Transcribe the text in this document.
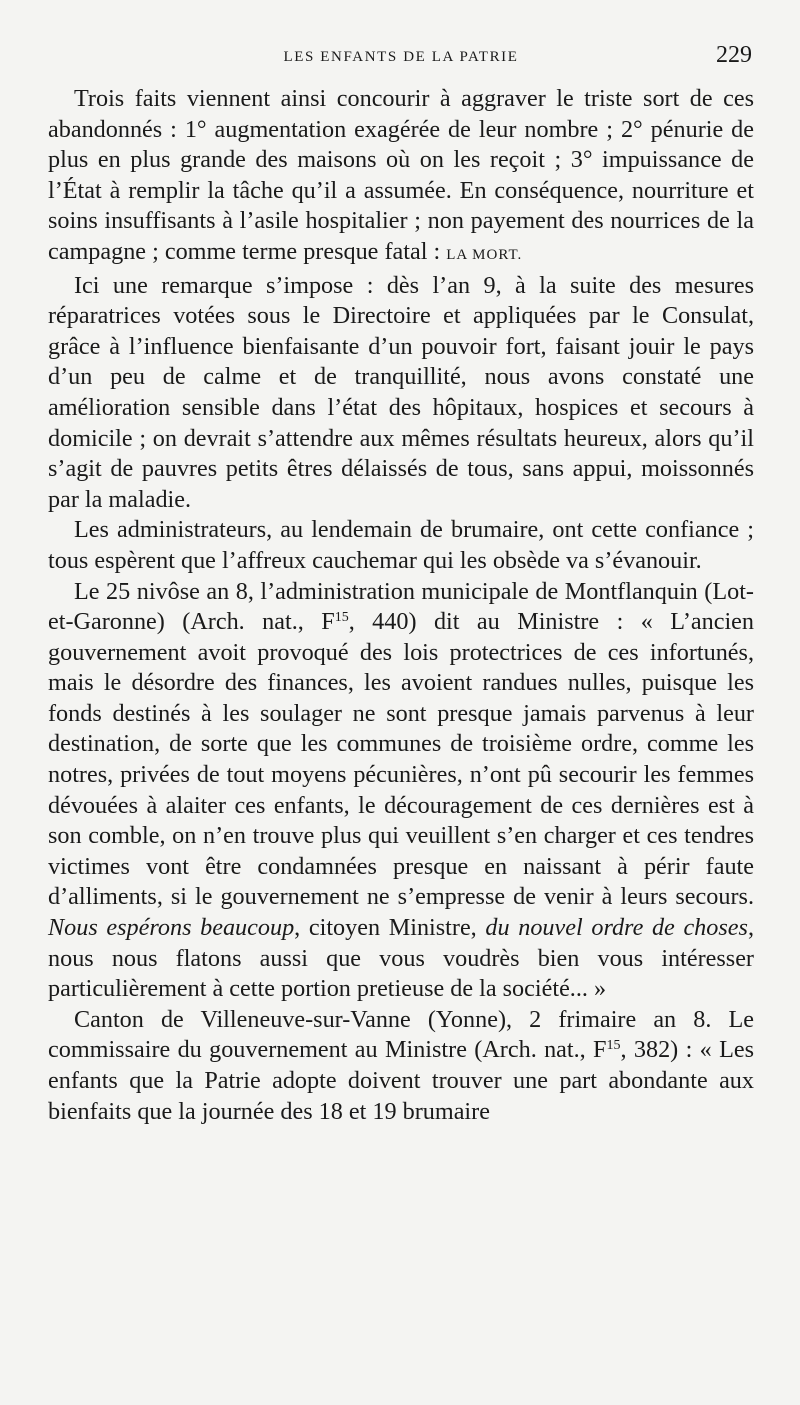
LES ENFANTS DE LA PATRIE	229

Trois faits viennent ainsi concourir à aggraver le triste sort de ces abandonnés : 1° augmentation exagérée de leur nombre ; 2° pénurie de plus en plus grande des maisons où on les reçoit ; 3° impuissance de l’État à remplir la tâche qu’il a assumée. En conséquence, nourriture et soins insuffisants à l’asile hospitalier ; non payement des nourrices de la campagne ; comme terme presque fatal : LA MORT.

Ici une remarque s’impose : dès l’an 9, à la suite des mesures réparatrices votées sous le Directoire et appliquées par le Consulat, grâce à l’influence bienfaisante d’un pouvoir fort, faisant jouir le pays d’un peu de calme et de tranquillité, nous avons constaté une amélioration sensible dans l’état des hôpitaux, hospices et secours à domicile ; on devrait s’attendre aux mêmes résultats heureux, alors qu’il s’agit de pauvres petits êtres délaissés de tous, sans appui, moissonnés par la maladie.

Les administrateurs, au lendemain de brumaire, ont cette confiance ; tous espèrent que l’affreux cauchemar qui les obsède va s’évanouir.

Le 25 nivôse an 8, l’administration municipale de Montflanquin (Lot-et-Garonne) (Arch. nat., $F^{15}$, 440) dit au Ministre : « L’ancien gouvernement avoit provoqué des lois protectrices de ces infortunés, mais le désordre des finances, les avoient randues nulles, puisque les fonds destinés à les soulager ne sont presque jamais parvenus à leur destination, de sorte que les communes de troisième ordre, comme les notres, privées de tout moyens pécunières, n’ont pû secourir les femmes dévouées à alaiter ces enfants, le découragement de ces dernières est à son comble, on n’en trouve plus qui veuillent s’en charger et ces tendres victimes vont être condamnées presque en naissant à périr faute d’alliments, si le gouvernement ne s’empresse de venir à leurs secours. Nous espérons beaucoup, citoyen Ministre, du nouvel ordre de choses, nous nous flatons aussi que vous voudrès bien vous intéresser particulièrement à cette portion pretieuse de la société... »

Canton de Villeneuve-sur-Vanne (Yonne), 2 frimaire an 8. Le commissaire du gouvernement au Ministre (Arch. nat., $F^{15}$, 382) : « Les enfants que la Patrie adopte doivent trouver une part abondante aux bienfaits que la journée des 18 et 19 brumaire
